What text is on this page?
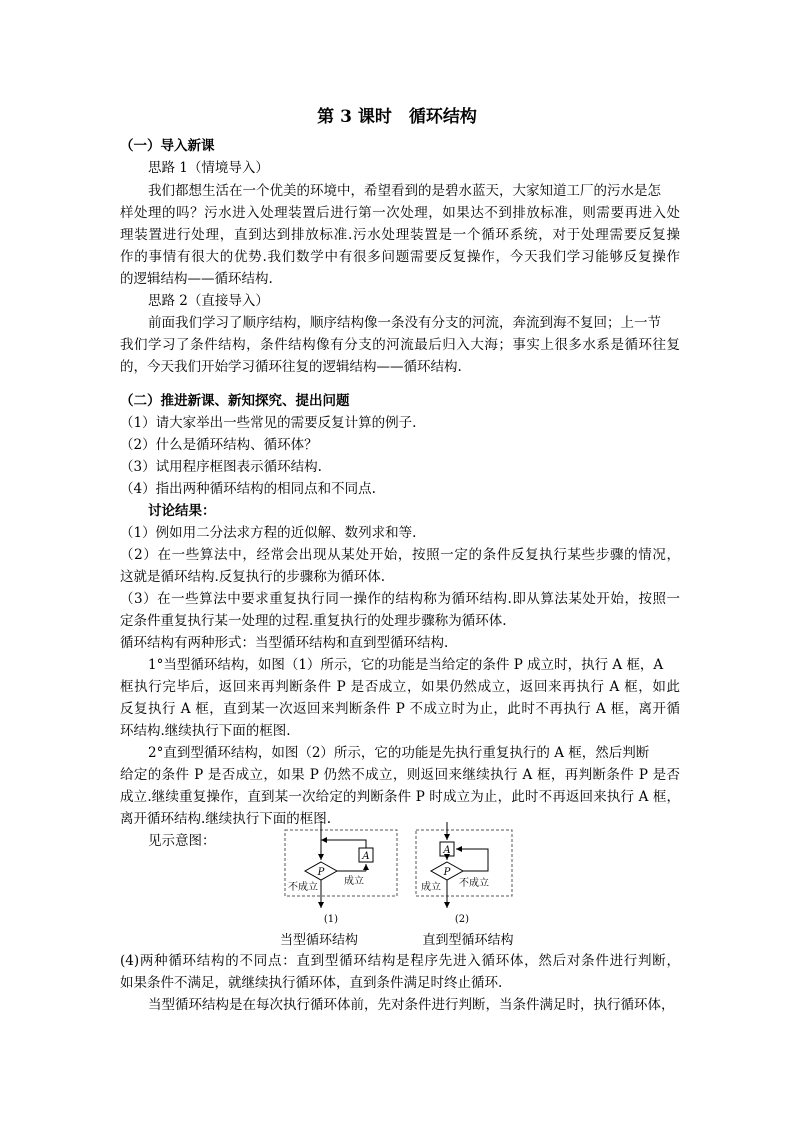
第 3 课时　循环结构
（一）导入新课
思路 1（情境导入）
我们都想生活在一个优美的环境中，希望看到的是碧水蓝天，大家知道工厂的污水是怎
样处理的吗？污水进入处理装置后进行第一次处理，如果达不到排放标准，则需要再进入处
理装置进行处理，直到达到排放标准.污水处理装置是一个循环系统，对于处理需要反复操
作的事情有很大的优势.我们数学中有很多问题需要反复操作，今天我们学习能够反复操作
的逻辑结构——循环结构.
思路 2（直接导入）
前面我们学习了顺序结构，顺序结构像一条没有分支的河流，奔流到海不复回；上一节
我们学习了条件结构，条件结构像有分支的河流最后归入大海；事实上很多水系是循环往复
的，今天我们开始学习循环往复的逻辑结构——循环结构.
（二）推进新课、新知探究、提出问题
（1）请大家举出一些常见的需要反复计算的例子.
（2）什么是循环结构、循环体？
（3）试用程序框图表示循环结构.
（4）指出两种循环结构的相同点和不同点.
讨论结果：
（1）例如用二分法求方程的近似解、数列求和等.
（2）在一些算法中，经常会出现从某处开始，按照一定的条件反复执行某些步骤的情况，
这就是循环结构.反复执行的步骤称为循环体.
（3）在一些算法中要求重复执行同一操作的结构称为循环结构.即从算法某处开始，按照一
定条件重复执行某一处理的过程.重复执行的处理步骤称为循环体.
循环结构有两种形式：当型循环结构和直到型循环结构.
1°当型循环结构，如图（1）所示，它的功能是当给定的条件 P 成立时，执行 A 框，A
框执行完毕后，返回来再判断条件 P 是否成立，如果仍然成立，返回来再执行 A 框，如此
反复执行 A 框，直到某一次返回来判断条件 P 不成立时为止，此时不再执行 A 框，离开循
环结构.继续执行下面的框图.
2°直到型循环结构，如图（2）所示，它的功能是先执行重复执行的 A 框，然后判断
给定的条件 P 是否成立，如果 P 仍然不成立，则返回来继续执行 A 框，再判断条件 P 是否
成立.继续重复操作，直到某一次给定的判断条件 P 时成立为止，此时不再返回来执行 A 框，
离开循环结构.继续执行下面的框图.
见示意图：
A
P
成立
不成立
(1)
A
P
成立 不成立
(2)
当型循环结构	直到型循环结构
(4)两种循环结构的不同点：直到型循环结构是程序先进入循环体，然后对条件进行判断，
如果条件不满足，就继续执行循环体，直到条件满足时终止循环.
当型循环结构是在每次执行循环体前，先对条件进行判断，当条件满足时，执行循环体，
